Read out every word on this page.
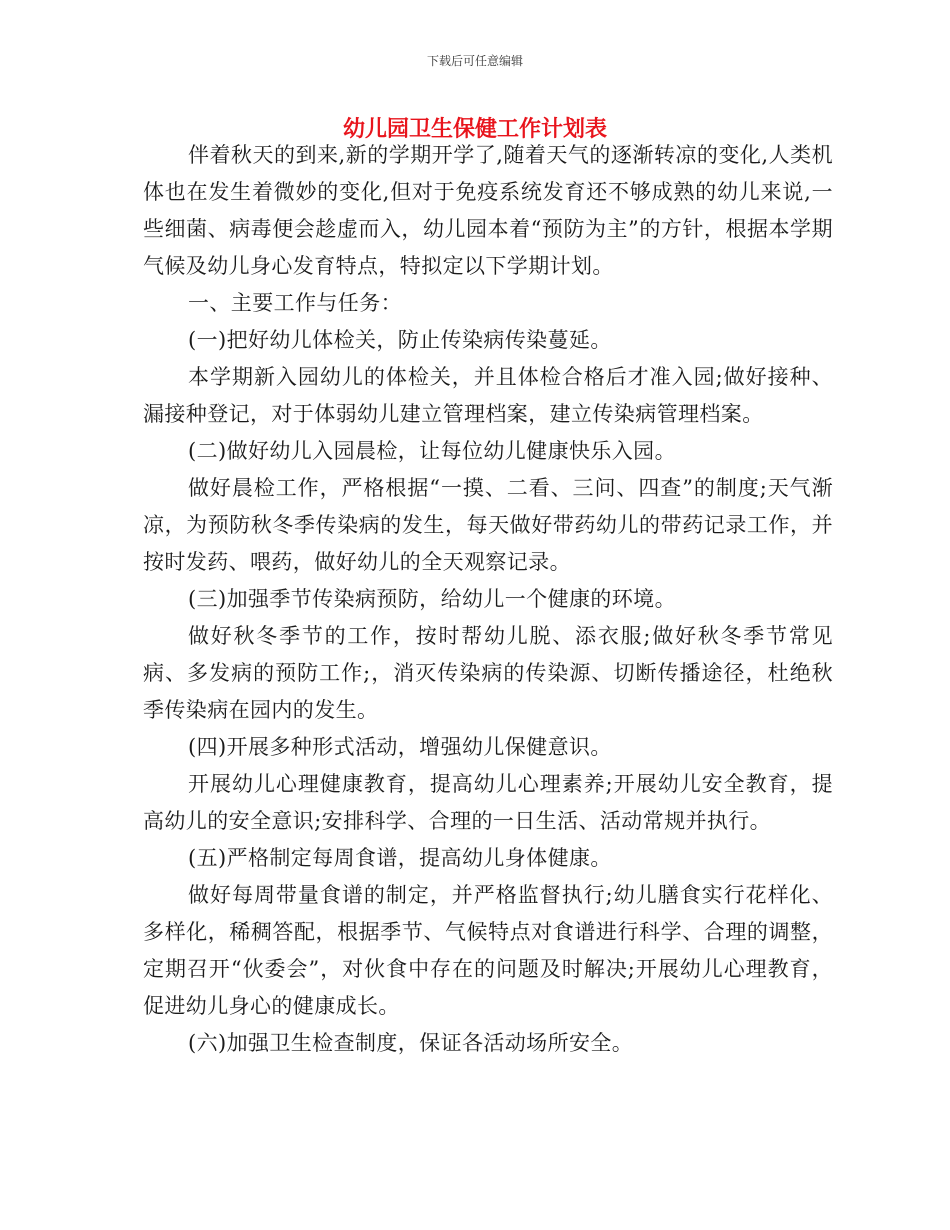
下载后可任意编辑
幼儿园卫生保健工作计划表

伴着秋天的到来,新的学期开学了,随着天气的逐渐转凉的变化,人类机体也在发生着微妙的变化,但对于免疫系统发育还不够成熟的幼儿来说,一些细菌、病毒便会趁虚而入，幼儿园本着“预防为主”的方针，根据本学期气候及幼儿身心发育特点，特拟定以下学期计划。

一、主要工作与任务：

(一)把好幼儿体检关，防止传染病传染蔓延。

本学期新入园幼儿的体检关，并且体检合格后才准入园;做好接种、漏接种登记，对于体弱幼儿建立管理档案，建立传染病管理档案。

(二)做好幼儿入园晨检，让每位幼儿健康快乐入园。

做好晨检工作，严格根据“一摸、二看、三问、四查”的制度;天气渐凉，为预防秋冬季传染病的发生，每天做好带药幼儿的带药记录工作，并按时发药、喂药，做好幼儿的全天观察记录。

(三)加强季节传染病预防，给幼儿一个健康的环境。

做好秋冬季节的工作，按时帮幼儿脱、添衣服;做好秋冬季节常见病、多发病的预防工作;，消灭传染病的传染源、切断传播途径，杜绝秋季传染病在园内的发生。

(四)开展多种形式活动，增强幼儿保健意识。

开展幼儿心理健康教育，提高幼儿心理素养;开展幼儿安全教育，提高幼儿的安全意识;安排科学、合理的一日生活、活动常规并执行。

(五)严格制定每周食谱，提高幼儿身体健康。

做好每周带量食谱的制定，并严格监督执行;幼儿膳食实行花样化、多样化，稀稠答配，根据季节、气候特点对食谱进行科学、合理的调整，定期召开“伙委会”，对伙食中存在的问题及时解决;开展幼儿心理教育，促进幼儿身心的健康成长。

(六)加强卫生检查制度，保证各活动场所安全。
